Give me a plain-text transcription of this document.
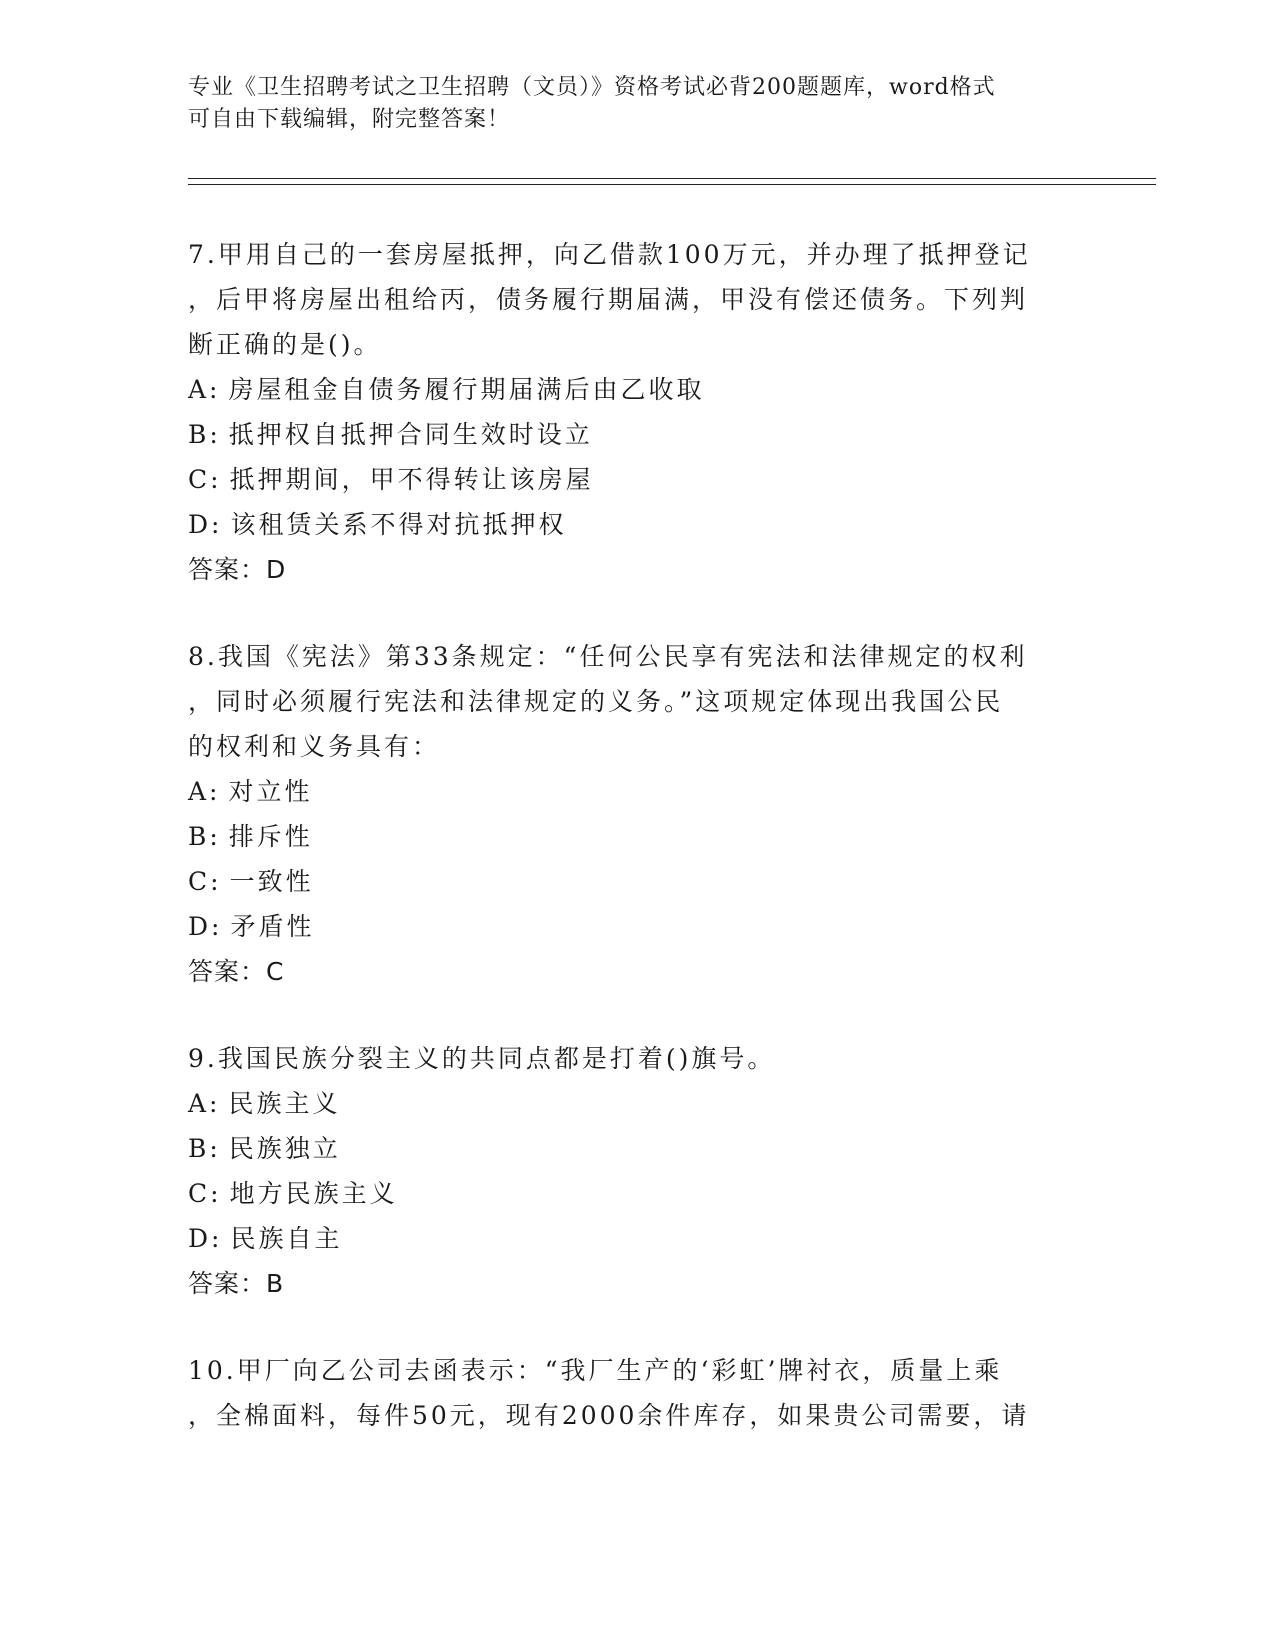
专业《卫生招聘考试之卫生招聘（文员）》资格考试必背200题题库，word格式
可自由下载编辑，附完整答案！

7.甲用自己的一套房屋抵押，向乙借款100万元，并办理了抵押登记

，后甲将房屋出租给丙，债务履行期届满，甲没有偿还债务。下列判

断正确的是()。

A: 房屋租金自债务履行期届满后由乙收取

B: 抵押权自抵押合同生效时设立

C: 抵押期间，甲不得转让该房屋

D: 该租赁关系不得对抗抵押权

答案：D

8.我国《宪法》第33条规定：“任何公民享有宪法和法律规定的权利

，同时必须履行宪法和法律规定的义务。”这项规定体现出我国公民

的权利和义务具有：

A: 对立性

B: 排斥性

C: 一致性

D: 矛盾性

答案：C

9.我国民族分裂主义的共同点都是打着()旗号。

A: 民族主义

B: 民族独立

C: 地方民族主义

D: 民族自主

答案：B

10.甲厂向乙公司去函表示：“我厂生产的‘彩虹’牌衬衣，质量上乘

，全棉面料，每件50元，现有2000余件库存，如果贵公司需要，请
